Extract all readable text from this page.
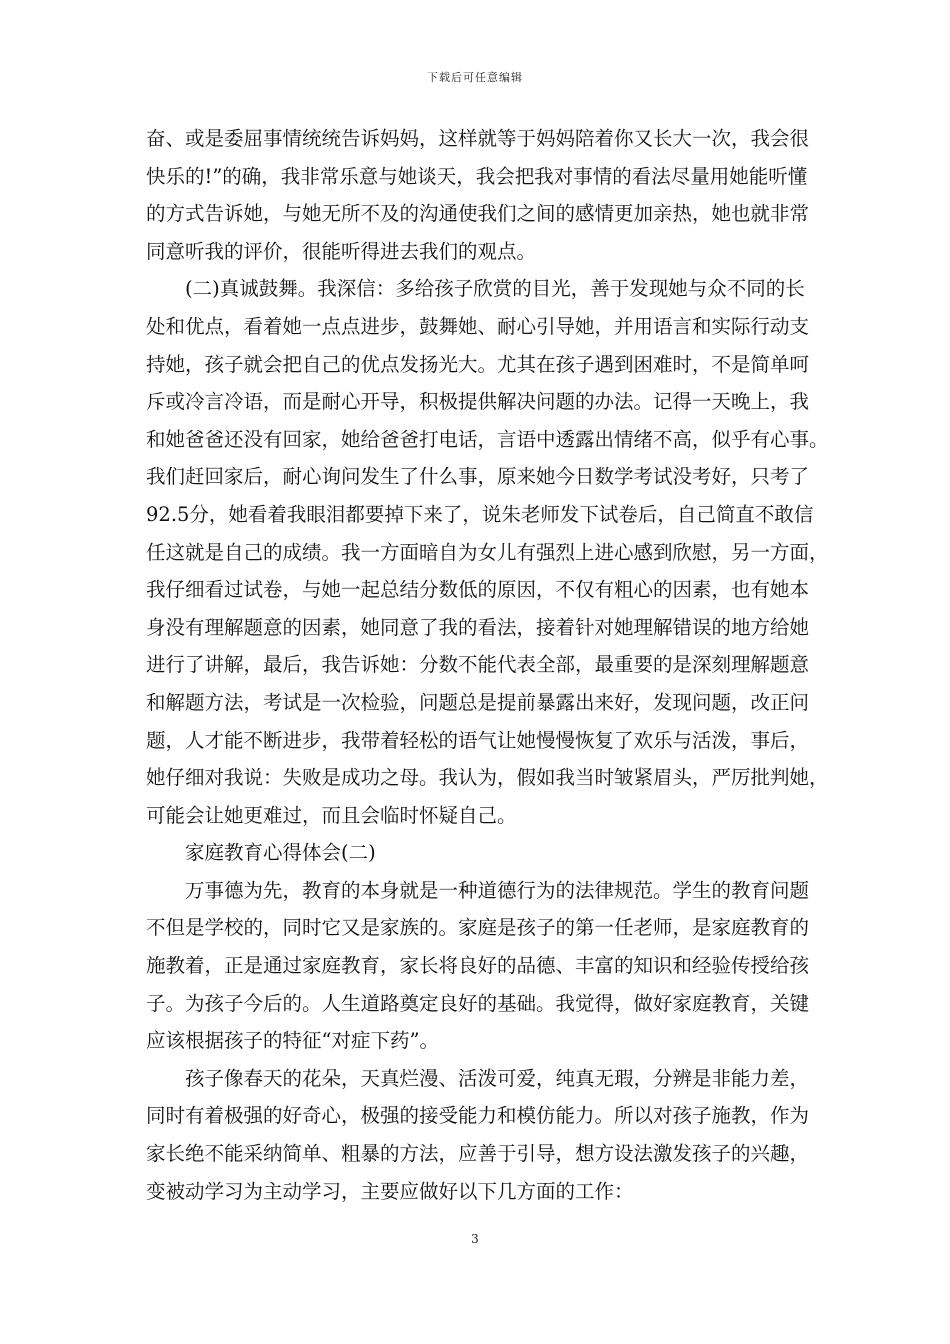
下载后可任意编辑
奋、或是委屈事情统统告诉妈妈，这样就等于妈妈陪着你又长大一次，我会很
快乐的!”的确，我非常乐意与她谈天，我会把我对事情的看法尽量用她能听懂
的方式告诉她，与她无所不及的沟通使我们之间的感情更加亲热，她也就非常
同意听我的评价，很能听得进去我们的观点。
(二)真诚鼓舞。我深信：多给孩子欣赏的目光，善于发现她与众不同的长
处和优点，看着她一点点进步，鼓舞她、耐心引导她，并用语言和实际行动支
持她，孩子就会把自己的优点发扬光大。尤其在孩子遇到困难时，不是简单呵
斥或冷言冷语，而是耐心开导，积极提供解决问题的办法。记得一天晚上，我
和她爸爸还没有回家，她给爸爸打电话，言语中透露出情绪不高，似乎有心事。
我们赶回家后，耐心询问发生了什么事，原来她今日数学考试没考好，只考了
92.5分，她看着我眼泪都要掉下来了，说朱老师发下试卷后，自己简直不敢信
任这就是自己的成绩。我一方面暗自为女儿有强烈上进心感到欣慰，另一方面，
我仔细看过试卷，与她一起总结分数低的原因，不仅有粗心的因素，也有她本
身没有理解题意的因素，她同意了我的看法，接着针对她理解错误的地方给她
进行了讲解，最后，我告诉她：分数不能代表全部，最重要的是深刻理解题意
和解题方法，考试是一次检验，问题总是提前暴露出来好，发现问题，改正问
题，人才能不断进步，我带着轻松的语气让她慢慢恢复了欢乐与活泼，事后，
她仔细对我说：失败是成功之母。我认为，假如我当时皱紧眉头，严厉批判她，
可能会让她更难过，而且会临时怀疑自己。
家庭教育心得体会(二)
万事德为先，教育的本身就是一种道德行为的法律规范。学生的教育问题
不但是学校的，同时它又是家族的。家庭是孩子的第一任老师，是家庭教育的
施教着，正是通过家庭教育，家长将良好的品德、丰富的知识和经验传授给孩
子。为孩子今后的。人生道路奠定良好的基础。我觉得，做好家庭教育，关键
应该根据孩子的特征“对症下药”。
孩子像春天的花朵，天真烂漫、活泼可爱，纯真无瑕，分辨是非能力差，
同时有着极强的好奇心，极强的接受能力和模仿能力。所以对孩子施教，作为
家长绝不能采纳简单、粗暴的方法，应善于引导，想方设法激发孩子的兴趣，
变被动学习为主动学习，主要应做好以下几方面的工作：
3
